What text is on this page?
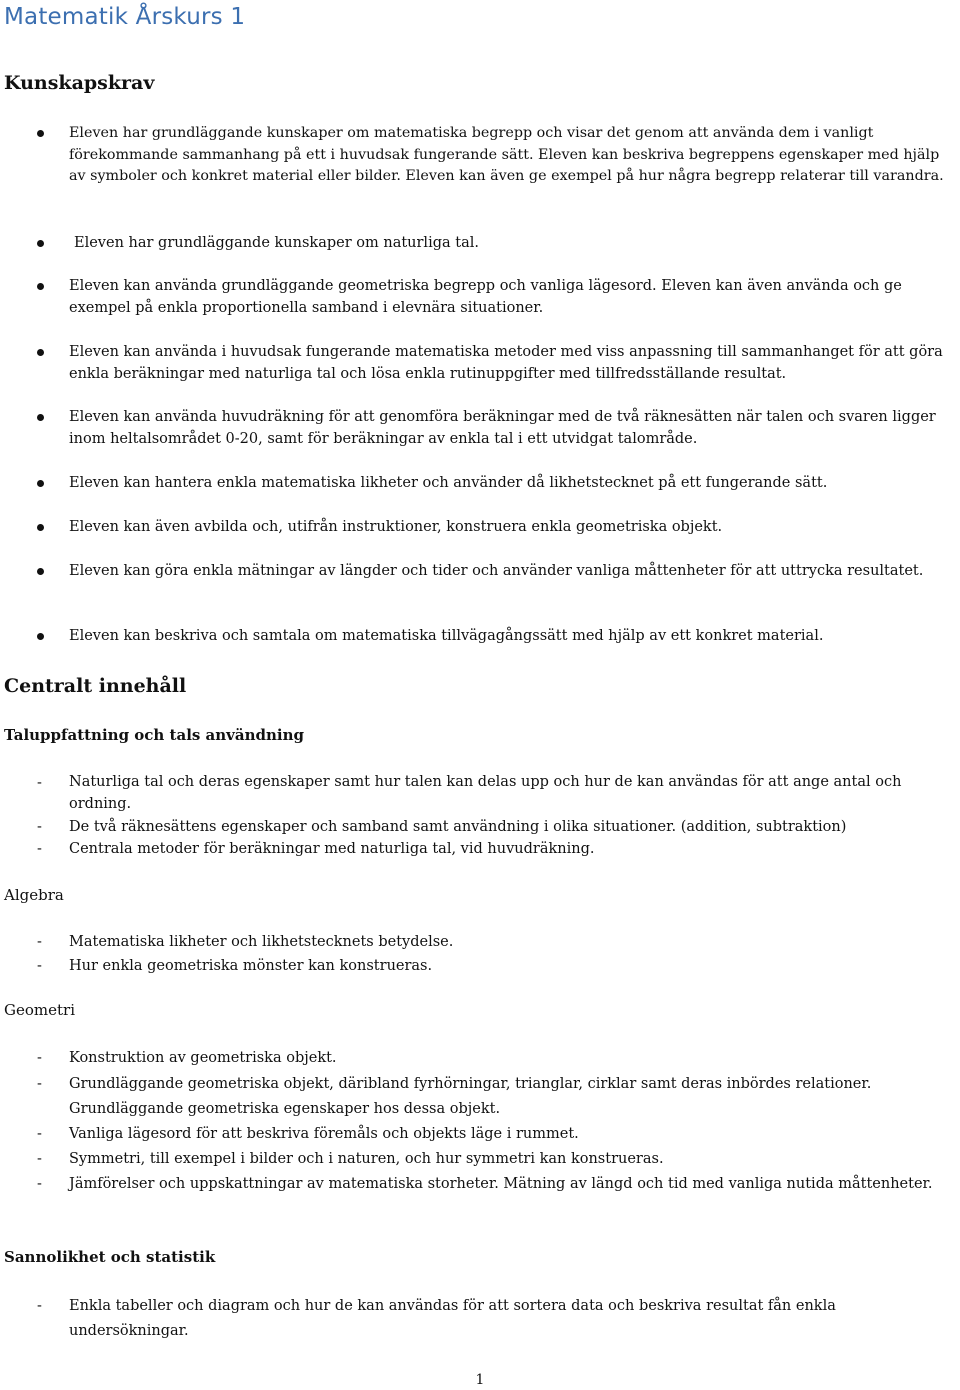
Matematik Årskurs 1
Kunskapskrav
Eleven har grundläggande kunskaper om matematiska begrepp och visar det genom att använda dem i vanligt förekommande sammanhang på ett i huvudsak fungerande sätt. Eleven kan beskriva begreppens egenskaper med hjälp av symboler och konkret material eller bilder. Eleven kan även ge exempel på hur några begrepp relaterar till varandra.
Eleven har grundläggande kunskaper om naturliga tal.
Eleven kan använda grundläggande geometriska begrepp och vanliga lägesord. Eleven kan även använda och ge exempel på enkla proportionella samband i elevnära situationer.
Eleven kan använda i huvudsak fungerande matematiska metoder med viss anpassning till sammanhanget för att göra enkla beräkningar med naturliga tal och lösa enkla rutinuppgifter med tillfredsställande resultat.
Eleven kan använda huvudräkning för att genomföra beräkningar med de två räknesätten när talen och svaren ligger inom heltalsområdet 0-20, samt för beräkningar av enkla tal i ett utvidgat talområde.
Eleven kan hantera enkla matematiska likheter och använder då likhetstecknet på ett fungerande sätt.
Eleven kan även avbilda och, utifrån instruktioner, konstruera enkla geometriska objekt.
Eleven kan göra enkla mätningar av längder och tider och använder vanliga måttenheter för att uttrycka resultatet.
Eleven kan beskriva och samtala om matematiska tillvägagångssätt med hjälp av ett konkret material.
Centralt innehåll
Taluppfattning och tals användning
- Naturliga tal och deras egenskaper samt hur talen kan delas upp och hur de kan användas för att ange antal och ordning.
- De två räknesättens egenskaper och samband samt användning i olika situationer. (addition, subtraktion)
- Centrala metoder för beräkningar med naturliga tal, vid huvudräkning.
Algebra
- Matematiska likheter och likhetstecknets betydelse.
- Hur enkla geometriska mönster kan konstrueras.
Geometri
- Konstruktion av geometriska objekt.
- Grundläggande geometriska objekt, däribland fyrhörningar, trianglar, cirklar samt deras inbördes relationer. Grundläggande geometriska egenskaper hos dessa objekt.
- Vanliga lägesord för att beskriva föremåls och objekts läge i rummet.
- Symmetri, till exempel i bilder och i naturen, och hur symmetri kan konstrueras.
- Jämförelser och uppskattningar av matematiska storheter. Mätning av längd och tid med vanliga nutida måttenheter.
Sannolikhet och statistik
- Enkla tabeller och diagram och hur de kan användas för att sortera data och beskriva resultat fån enkla undersökningar.
1
